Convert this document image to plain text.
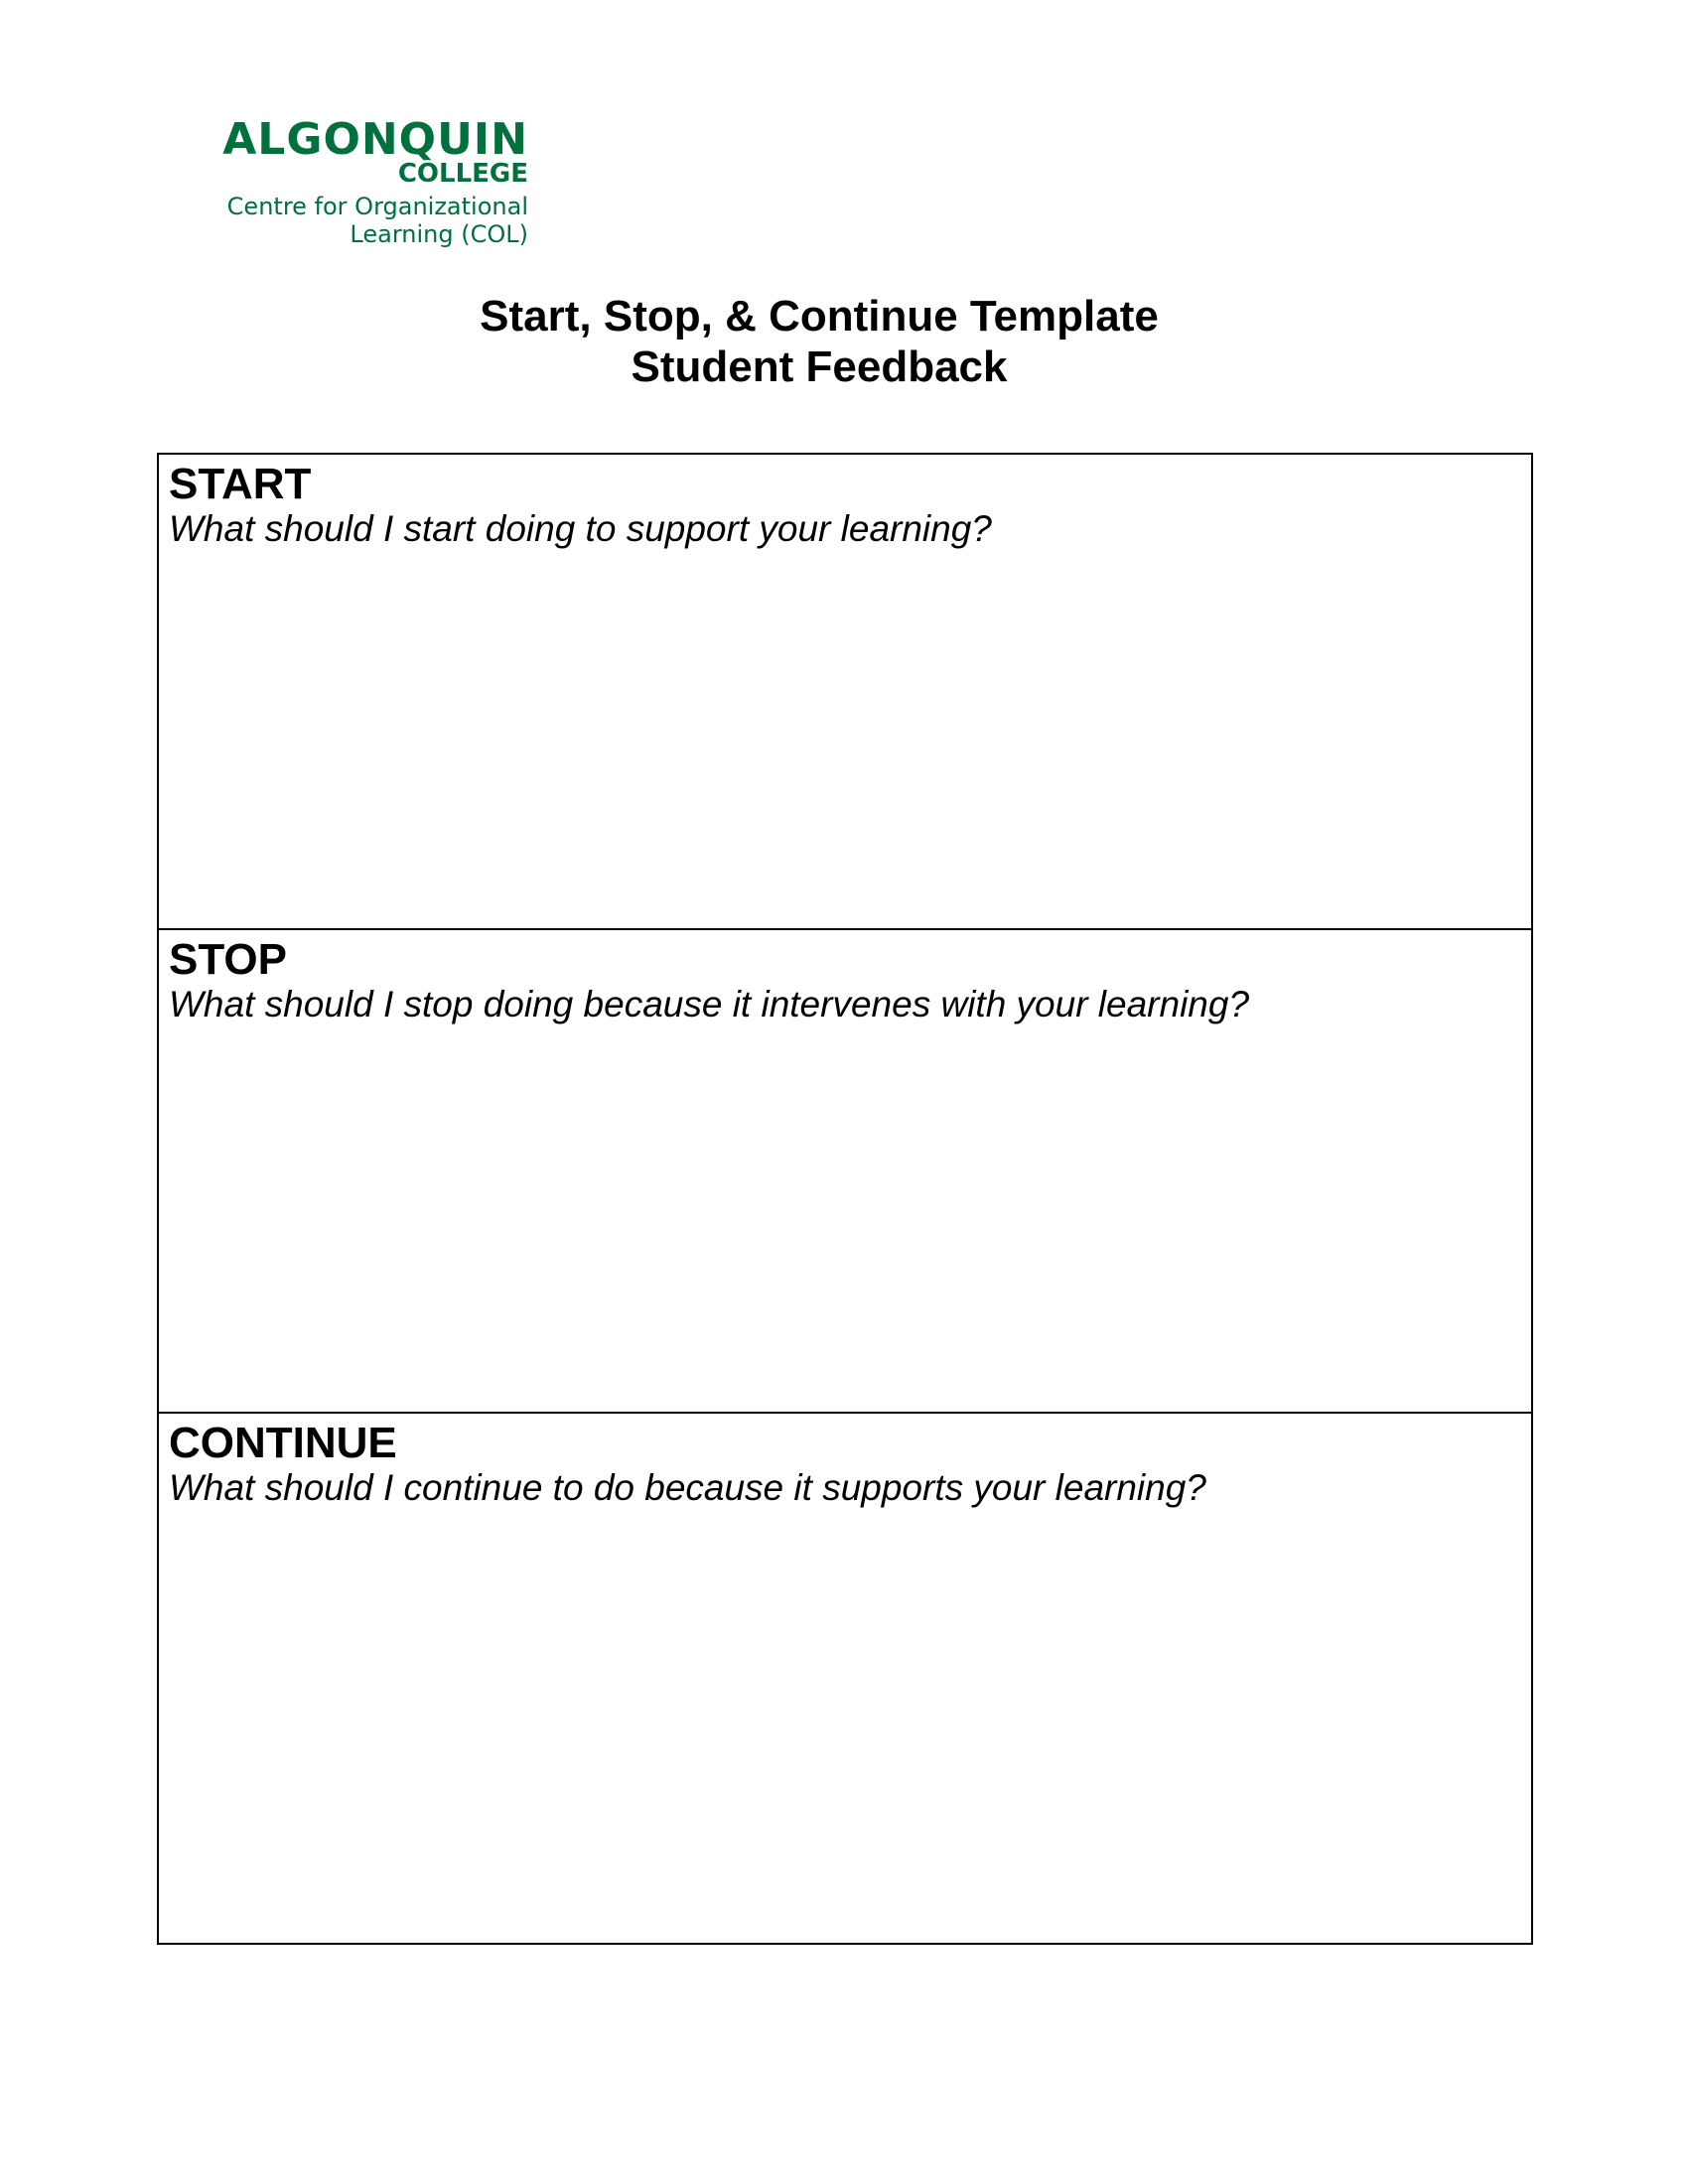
ALGONQUIN
COLLEGE
Centre for Organizational
Learning (COL)
Start, Stop, & Continue Template
Student Feedback
START
What should I start doing to support your learning?
STOP
What should I stop doing because it intervenes with your learning?
CONTINUE
What should I continue to do because it supports your learning?
